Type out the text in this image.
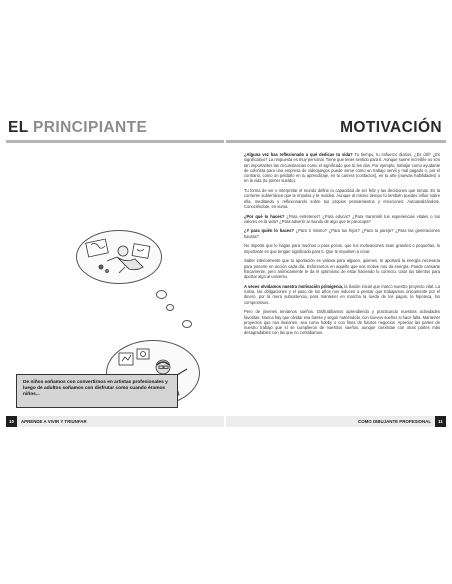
EL PRINCIPIANTE
De niños soñamos con convertirnos en artistas profesionales y luego de adultos soñamos con disfrutar como cuando éramos niños...
10 APRENDE A VIVIR Y TRIUNFAR
MOTIVACIÓN

¿Alguna vez has reflexionado a qué dedicas tu vida? Tu tiempo, tu esfuerzo diarios, ¿Es útil? ¿Es significativo? La respuesta es muy personal. Tiene que tener sentido para ti. Aunque suene increíble no son tan importantes las circunstancias como el significado que tú les das. Por ejemplo, trabajar como ayudante de colorista para una empresa de videojuegos puede verse como un trabajo servil y mal pagado o, por el contrario, como un peldaño en tu aprendizaje, en tu carrera (contactos), en tu arte (nuevas habilidades) o en la vida (tu primer sueldo).

Tu forma de ver e interpretar el mundo define tu capacidad de ser feliz y las decisiones que tomas. Es la corriente subterránea que te impulsa y te moldea. Aunque al mismo tiempo tú también puedes influir sobre ella, meditando y reflexionando sobre tus propios pensamientos y emociones: Autoanalizándote. Conociéndote, en suma.

¿Por qué lo haces? ¿Para entretener? ¿Para educar? ¿Para transmitir tus experiencias vitales o tus valores en la vida? ¿Para advertir al mundo de algo que te preocupa?

¿Y para quién lo haces? ¿Para ti mismo? ¿Para tus hijos? ¿Para tu pareja? ¿Para las generaciones futuras?

No importa que lo hagas para muchos o para pocos, que tus motivaciones sean grandes o pequeñas, lo importante es que tengan significado para ti. Que te impulsen a crear.

Saber interiormente que tu aportación es valiosa para alguien, quienes, te aportará la energía necesaria para ponerte en acción cada día. Esforzarnos en aquello que nos motive nos da energía. Puede cansarte físicamente, pero anímicamente te da el optimismo de estar haciendo lo correcto. Usar tus talentos para aportar algo al universo.

A veces olvidamos nuestra motivación primigenia, la ilusión inicial que marcó nuestro proyecto vital. La rutina, las obligaciones y el paso de los años nos inducen a pensar que trabajamos únicamente por el dinero, por la mera subsistencia, para mantener en marcha la rueda de los pagos, la hipoteca, los compromisos.

Pero de jóvenes teníamos sueños. Disfrutábamos aprendiendo y practicando nuestras actividades favoritas. Nunca hay que olvidar esa fuente y seguir nutriéndola, con nuevos sueños si hace falta. Mantener proyectos que nos ilusionen, sea como hobby o con fines de futuros negocios. Apreciar las partes de nuestro trabajo que sí se cumplieron de nuestros sueños, aunque coexistan con otras partes más desagradables con las que no contábamos.

COMO DIBUJANTE PROFESIONAL 11
